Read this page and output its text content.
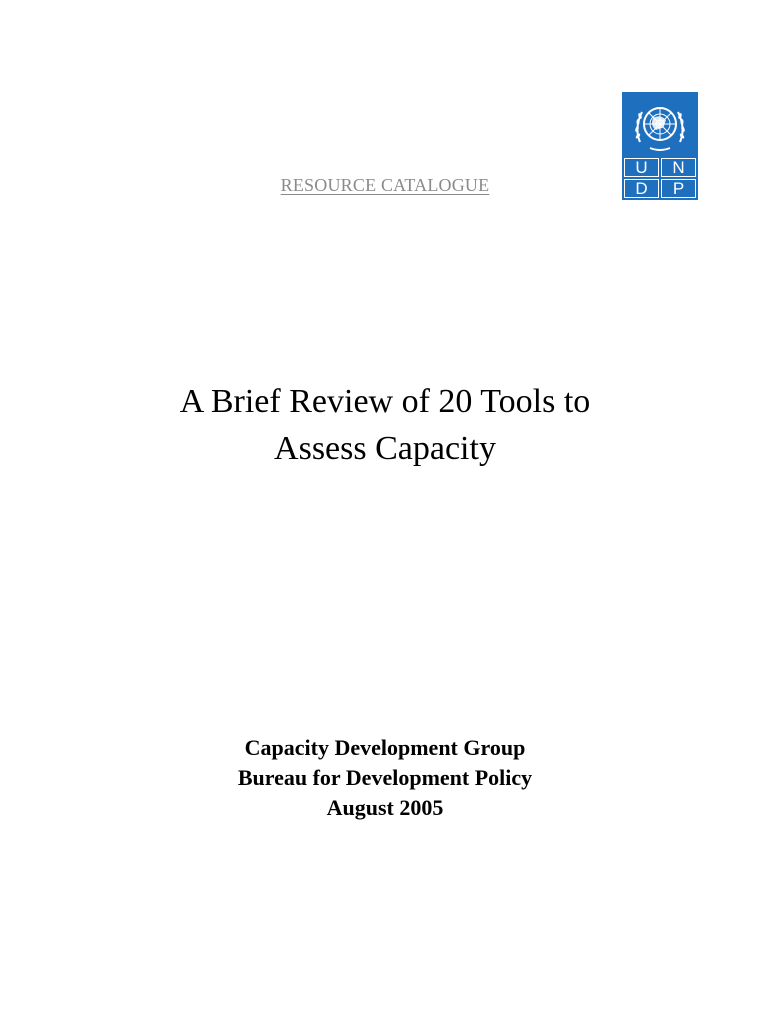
RESOURCE CATALOGUE
U	N
D	P
A Brief Review of 20 Tools to
Assess Capacity
Capacity Development Group
Bureau for Development Policy
August 2005
